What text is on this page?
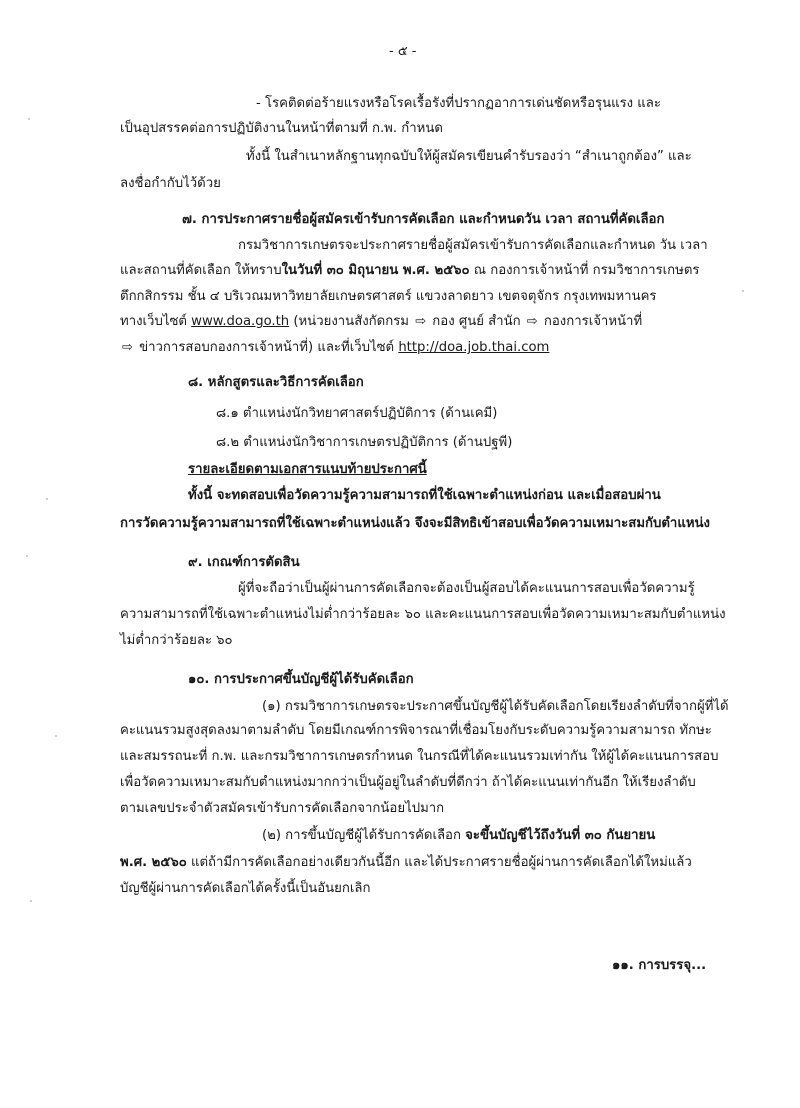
- ๕ -
- โรคติดต่อร้ายแรงหรือโรคเรื้อรังที่ปรากฏอาการเด่นชัดหรือรุนแรง และ
เป็นอุปสรรคต่อการปฏิบัติงานในหน้าที่ตามที่ ก.พ. กำหนด
ทั้งนี้ ในสำเนาหลักฐานทุกฉบับให้ผู้สมัครเขียนคำรับรองว่า “สำเนาถูกต้อง” และ
ลงชื่อกำกับไว้ด้วย
๗. การประกาศรายชื่อผู้สมัครเข้ารับการคัดเลือก และกำหนดวัน เวลา สถานที่คัดเลือก
กรมวิชาการเกษตรจะประกาศรายชื่อผู้สมัครเข้ารับการคัดเลือกและกำหนด วัน เวลา
และสถานที่คัดเลือก ให้ทราบในวันที่ ๓๐ มิถุนายน พ.ศ. ๒๕๖๐ ณ กองการเจ้าหน้าที่ กรมวิชาการเกษตร
ตึกกสิกรรม ชั้น ๔ บริเวณมหาวิทยาลัยเกษตรศาสตร์ แขวงลาดยาว เขตจตุจักร กรุงเทพมหานคร
ทางเว็บไซต์ www.doa.go.th (หน่วยงานสังกัดกรม ⇨ กอง ศูนย์ สำนัก ⇨ กองการเจ้าหน้าที่
⇨ ข่าวการสอบกองการเจ้าหน้าที่) และที่เว็บไซต์ http://doa.job.thai.com
๘. หลักสูตรและวิธีการคัดเลือก
๘.๑ ตำแหน่งนักวิทยาศาสตร์ปฏิบัติการ (ด้านเคมี)
๘.๒ ตำแหน่งนักวิชาการเกษตรปฏิบัติการ (ด้านปฐพี)
รายละเอียดตามเอกสารแนบท้ายประกาศนี้
ทั้งนี้ จะทดสอบเพื่อวัดความรู้ความสามารถที่ใช้เฉพาะตำแหน่งก่อน และเมื่อสอบผ่าน
การวัดความรู้ความสามารถที่ใช้เฉพาะตำแหน่งแล้ว จึงจะมีสิทธิเข้าสอบเพื่อวัดความเหมาะสมกับตำแหน่ง
๙. เกณฑ์การตัดสิน
ผู้ที่จะถือว่าเป็นผู้ผ่านการคัดเลือกจะต้องเป็นผู้สอบได้คะแนนการสอบเพื่อวัดความรู้
ความสามารถที่ใช้เฉพาะตำแหน่งไม่ต่ำกว่าร้อยละ ๖๐ และคะแนนการสอบเพื่อวัดความเหมาะสมกับตำแหน่ง
ไม่ต่ำกว่าร้อยละ ๖๐
๑๐. การประกาศขึ้นบัญชีผู้ได้รับคัดเลือก
(๑) กรมวิชาการเกษตรจะประกาศขึ้นบัญชีผู้ได้รับคัดเลือกโดยเรียงลำดับที่จากผู้ที่ได้
คะแนนรวมสูงสุดลงมาตามลำดับ โดยมีเกณฑ์การพิจารณาที่เชื่อมโยงกับระดับความรู้ความสามารถ ทักษะ
และสมรรถนะที่ ก.พ. และกรมวิชาการเกษตรกำหนด ในกรณีที่ได้คะแนนรวมเท่ากัน ให้ผู้ได้คะแนนการสอบ
เพื่อวัดความเหมาะสมกับตำแหน่งมากกว่าเป็นผู้อยู่ในลำดับที่ดีกว่า ถ้าได้คะแนนเท่ากันอีก ให้เรียงลำดับ
ตามเลขประจำตัวสมัครเข้ารับการคัดเลือกจากน้อยไปมาก
(๒) การขึ้นบัญชีผู้ได้รับการคัดเลือก จะขึ้นบัญชีไว้ถึงวันที่ ๓๐ กันยายน
พ.ศ. ๒๕๖๐ แต่ถ้ามีการคัดเลือกอย่างเดียวกันนี้อีก และได้ประกาศรายชื่อผู้ผ่านการคัดเลือกได้ใหม่แล้ว
บัญชีผู้ผ่านการคัดเลือกได้ครั้งนี้เป็นอันยกเลิก
๑๑. การบรรจุ...
